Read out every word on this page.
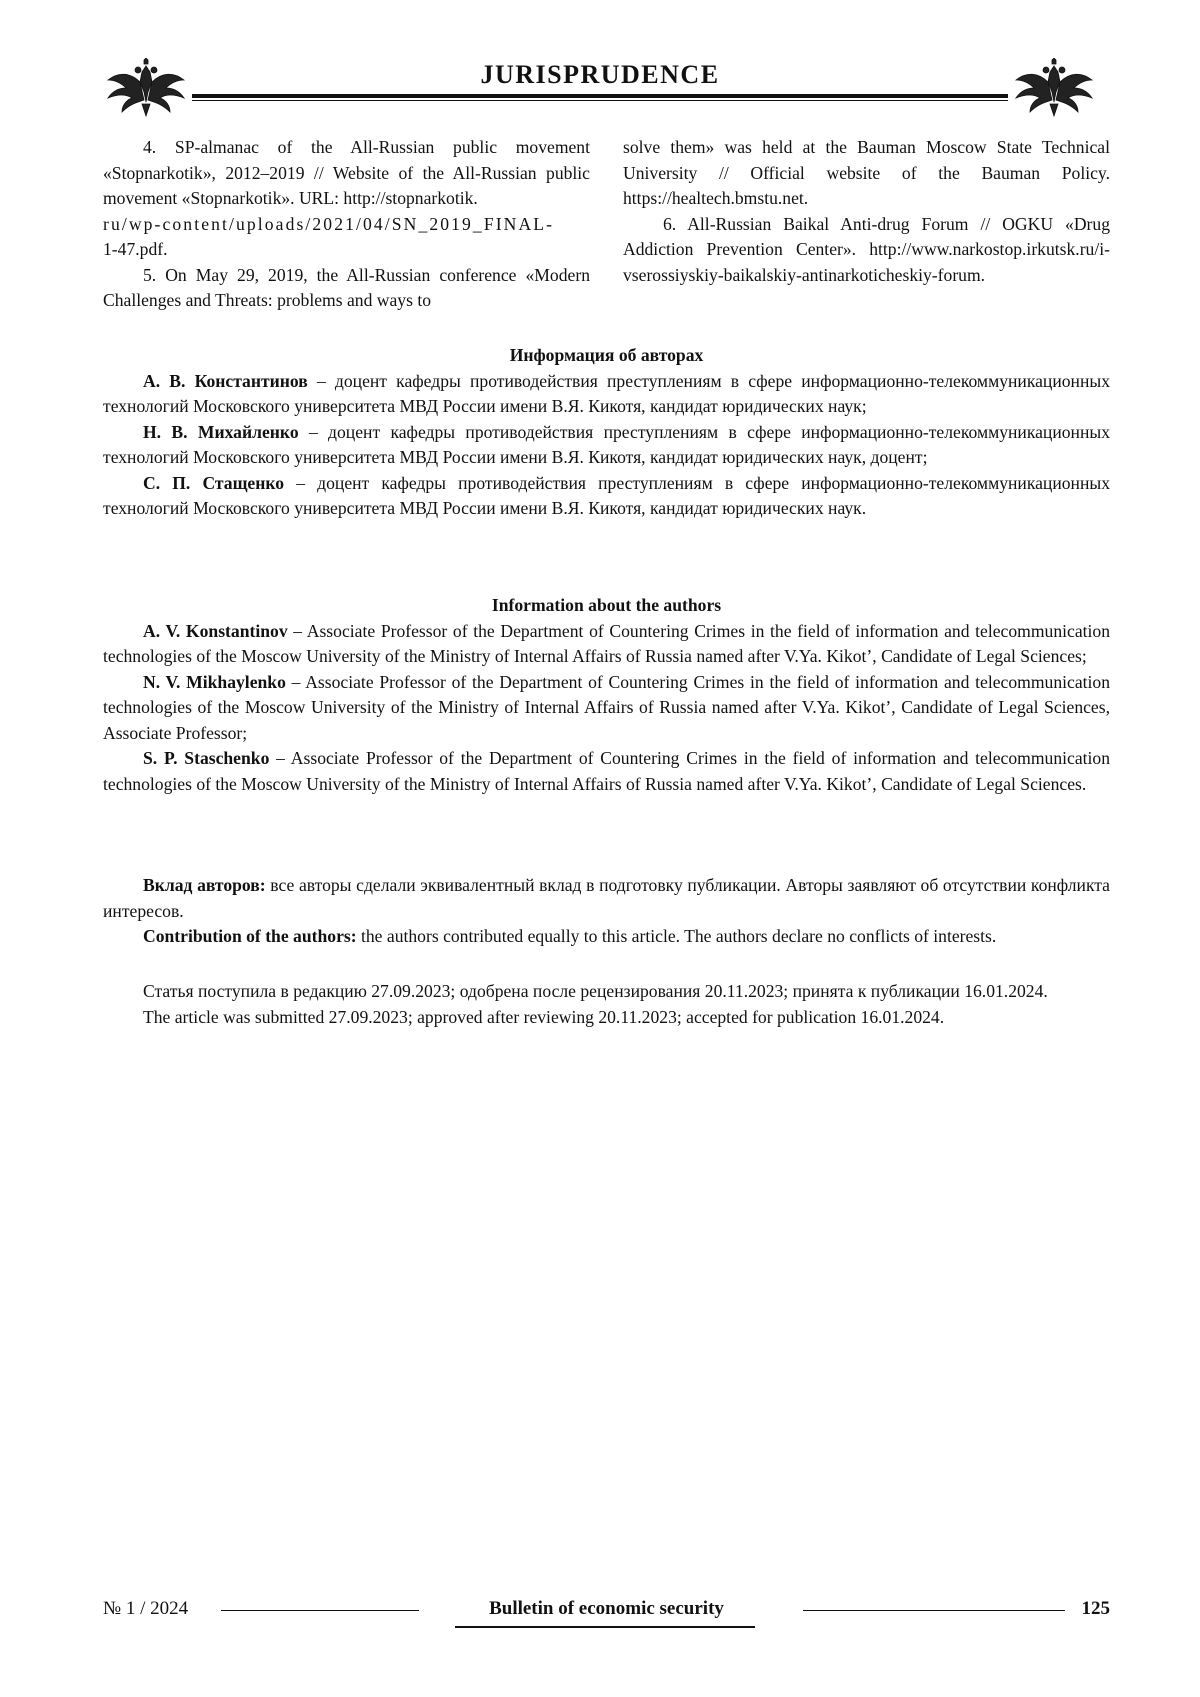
JURISPRUDENCE

4. SP-almanac of the All-Russian public movement «Stopnarkotik», 2012–2019 // Website of the All-Russian public movement «Stopnarkotik». URL: http://stopnarkotik.
ru/wp-content/uploads/2021/04/SN_2019_FINAL-
1-47.pdf.

5. On May 29, 2019, the All-Russian conference «Modern Challenges and Threats: problems and ways to

solve them» was held at the Bauman Moscow State Technical University // Official website of the Bauman Policy. https://healtech.bmstu.net.

6. All-Russian Baikal Anti-drug Forum // OGKU «Drug Addiction Prevention Center». http://www.narkostop.irkutsk.ru/i-vserossiyskiy-baikalskiy-antinarkoticheskiy-forum.

Информация об авторах

А. В. Константинов – доцент кафедры противодействия преступлениям в сфере информационно-телекоммуникационных технологий Московского университета МВД России имени В.Я. Кикотя, кандидат юридических наук;

Н. В. Михайленко – доцент кафедры противодействия преступлениям в сфере информационно-телекоммуникационных технологий Московского университета МВД России имени В.Я. Кикотя, кандидат юридических наук, доцент;

С. П. Стащенко – доцент кафедры противодействия преступлениям в сфере информационно-телекоммуникационных технологий Московского университета МВД России имени В.Я. Кикотя, кандидат юридических наук.

Information about the authors

A. V. Konstantinov – Associate Professor of the Department of Countering Crimes in the field of information and telecommunication technologies of the Moscow University of the Ministry of Internal Affairs of Russia named after V.Ya. Kikot’, Candidate of Legal Sciences;

N. V. Mikhaylenko – Associate Professor of the Department of Countering Crimes in the field of information and telecommunication technologies of the Moscow University of the Ministry of Internal Affairs of Russia named after V.Ya. Kikot’, Candidate of Legal Sciences, Associate Professor;

S. P. Staschenko – Associate Professor of the Department of Countering Crimes in the field of information and telecommunication technologies of the Moscow University of the Ministry of Internal Affairs of Russia named after V.Ya. Kikot’, Candidate of Legal Sciences.

Вклад авторов: все авторы сделали эквивалентный вклад в подготовку публикации. Авторы заявляют об отсутствии конфликта интересов.

Contribution of the authors: the authors contributed equally to this article. The authors declare no conflicts of interests.

Статья поступила в редакцию 27.09.2023; одобрена после рецензирования 20.11.2023; принята к публикации 16.01.2024.

The article was submitted 27.09.2023; approved after reviewing 20.11.2023; accepted for publication 16.01.2024.

№ 1 / 2024	Bulletin of economic security	125
